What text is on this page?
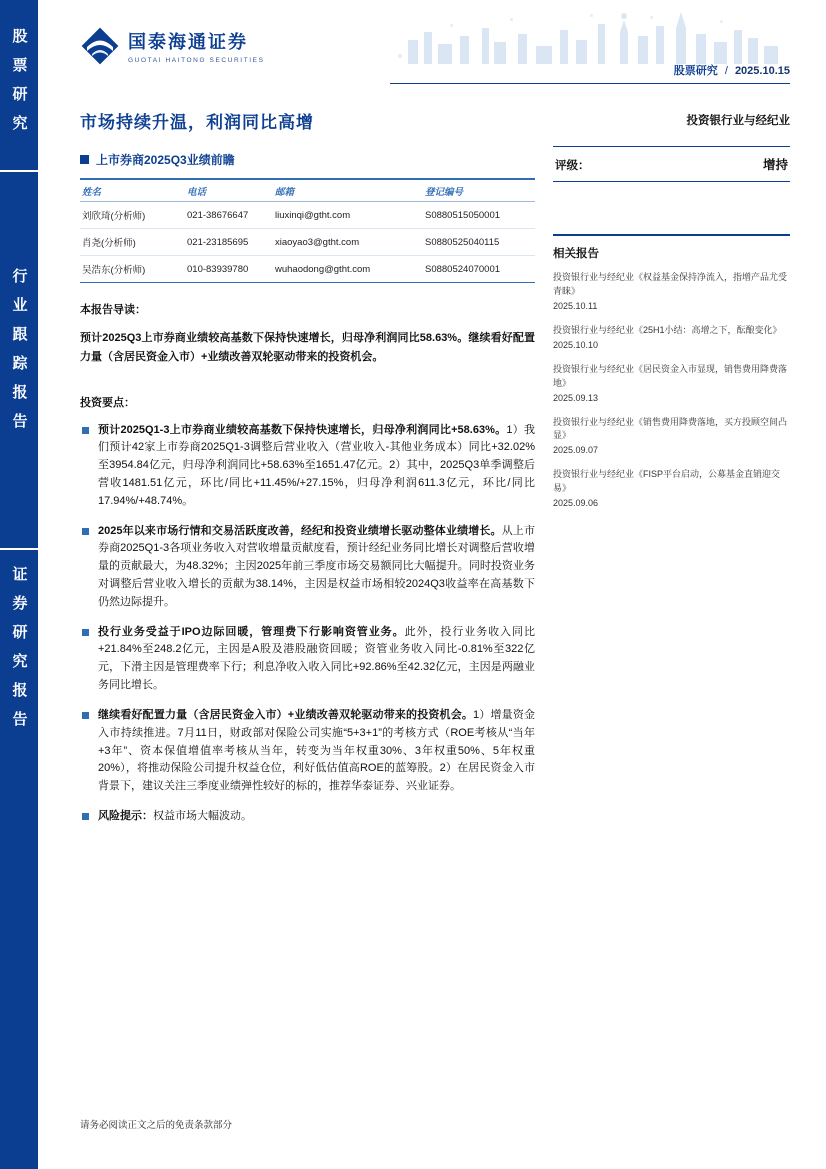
股票研究
行业跟踪报告
证券研究报告
国泰海通证券
GUOTAI HAITONG SECURITIES
股票研究 / 2025.10.15
市场持续升温，利润同比高增
上市券商2025Q3业绩前瞻
姓名	电话	邮箱	登记编号
刘欣琦(分析师)	021-38676647	liuxinqi@gtht.com	S0880515050001
肖尧(分析师)	021-23185695	xiaoyao3@gtht.com	S0880525040115
吴浩东(分析师)	010-83939780	wuhaodong@gtht.com	S0880524070001
本报告导读：
预计2025Q3上市券商业绩较高基数下保持快速增长，归母净利润同比58.63%。继续看好配置力量（含居民资金入市）+业绩改善双轮驱动带来的投资机会。
投资要点：

预计2025Q1-3上市券商业绩较高基数下保持快速增长，归母净利润同比+58.63%。1）我们预计42家上市券商2025Q1-3调整后营业收入（营业收入-其他业务成本）同比+32.02%至3954.84亿元，归母净利润同比+58.63%至1651.47亿元。2）其中，2025Q3单季调整后营收1481.51亿元，环比/同比+11.45%/+27.15%，归母净利润611.3亿元，环比/同比17.94%/+48.74%。

2025年以来市场行情和交易活跃度改善，经纪和投资业绩增长驱动整体业绩增长。从上市券商2025Q1-3各项业务收入对营收增量贡献度看，预计经纪业务同比增长对调整后营收增量的贡献最大，为48.32%；主因2025年前三季度市场交易额同比大幅提升。同时投资业务对调整后营业收入增长的贡献为38.14%，主因是权益市场相较2024Q3收益率在高基数下仍然边际提升。

投行业务受益于IPO边际回暖，管理费下行影响资管业务。此外，投行业务收入同比+21.84%至248.2亿元，主因是A股及港股融资回暖；资管业务收入同比-0.81%至322亿元，下滑主因是管理费率下行；利息净收入收入同比+92.86%至42.32亿元，主因是两融业务同比增长。

继续看好配置力量（含居民资金入市）+业绩改善双轮驱动带来的投资机会。1）增量资金入市持续推进。7月11日，财政部对保险公司实施“5+3+1”的考核方式（ROE考核从“当年+3年”、资本保值增值率考核从当年，转变为当年权重30%、3年权重50%、5年权重20%），将推动保险公司提升权益仓位，利好低估值高ROE的蓝筹股。2）在居民资金入市背景下，建议关注三季度业绩弹性较好的标的，推荐华泰证券、兴业证券。

风险提示：权益市场大幅波动。

投资银行业与经纪业
评级：	增持
相关报告
投资银行业与经纪业《权益基金保持净流入，指增产品尤受青睐》
2025.10.11
投资银行业与经纪业《25H1小结：高增之下，酝酿变化》
2025.10.10
投资银行业与经纪业《居民资金入市显现，销售费用降费落地》
2025.09.13
投资银行业与经纪业《销售费用降费落地，买方投顾空间凸显》
2025.09.07
投资银行业与经纪业《FISP平台启动，公募基金直销迎交易》
2025.09.06
请务必阅读正文之后的免责条款部分
